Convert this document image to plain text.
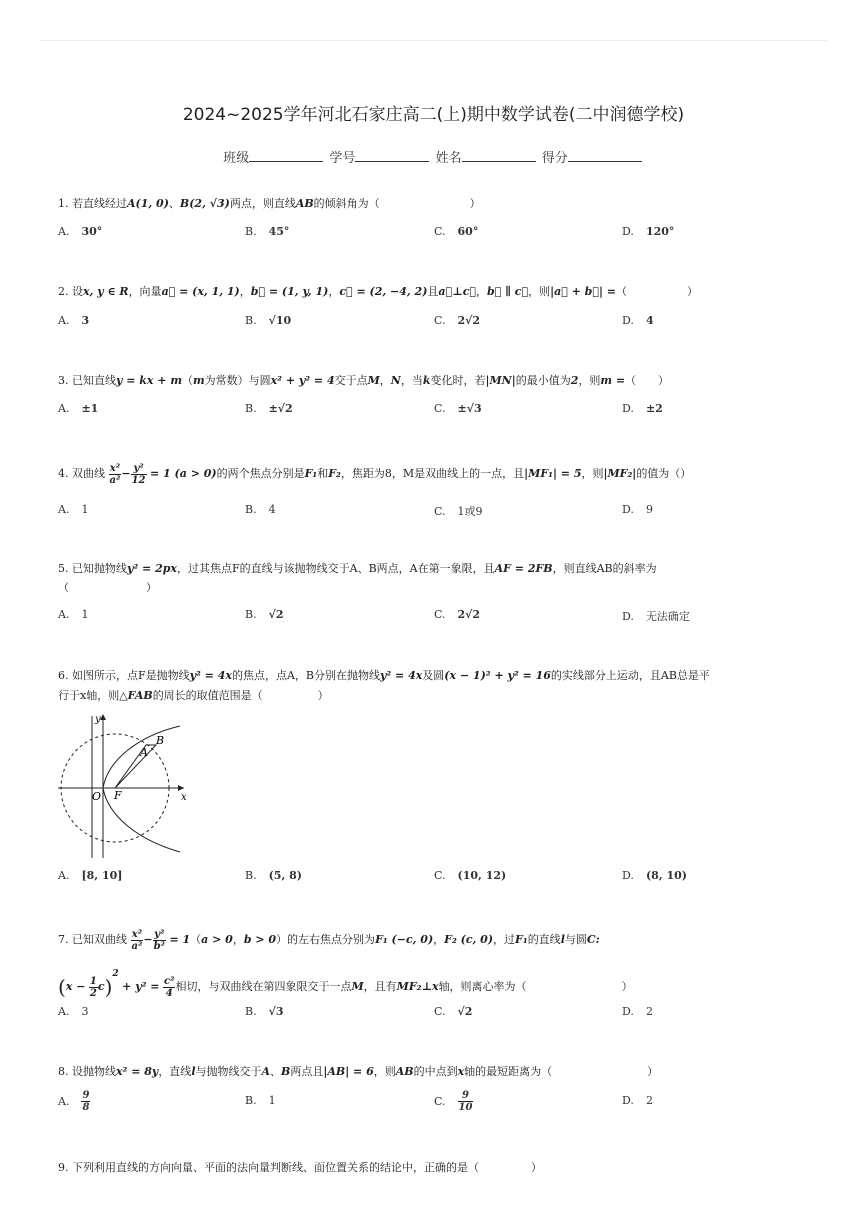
2024~2025学年河北石家庄高二(上)期中数学试卷(二中润德学校)
班级	学号	姓名	得分
1. 若直线经过A(1, 0)、B(2, √3)两点，则直线AB的倾斜角为（	）
A. 30°	B. 45°	C. 60°	D. 120°
2. 设x, y ∈ R，向量a⃗ = (x, 1, 1)，b⃗ = (1, y, 1)，c⃗ = (2, −4, 2)且a⃗⊥c⃗，b⃗ ∥ c⃗，则|a⃗ + b⃗| =（	）
A. 3	B. √10	C. 2√2	D. 4
3. 已知直线y = kx + m（m为常数）与圆x² + y² = 4交于点M，N，当k变化时，若|MN|的最小值为2，则m =（　　）
A. ±1	B. ±√2	C. ±√3	D. ±2
4. 双曲线 $\frac{\text{x²}}{\text{a²}} - \frac{\text{y²}}{12} = 1$ (a > 0)的两个焦点分别是F₁和F₂，焦距为8，M是双曲线上的一点，且|MF₁| = 5，则|MF₂|的值为（）
A. 1	B. 4	C. 1或9	D. 9
5. 已知抛物线y² = 2px，过其焦点F的直线与该抛物线交于A、B两点，A在第一象限，且AF = 2FB，则直线AB的斜率为
（　　　　　　　）
A. 1	B. √2	C. 2√2	D. 无法确定
6. 如图所示，点F是抛物线y² = 4x的焦点，点A，B分别在抛物线y² = 4x及圆(x − 1)² + y² = 16的实线部分上运动，且AB总是平
行于x轴，则△FAB的周长的取值范围是（　　　　　）
y
x
O F
A
B
A. [8, 10]	B. (5, 8)	C. (10, 12)	D. (8, 10)
7. 已知双曲线 $\frac{\text{x²}}{\text{a²}} - \frac{\text{y²}}{\text{b²}} = 1(a > 0$，b > 0）的左右焦点分别为F₁ (−c, 0)，F₂ (c, 0)，过F₁的直线l与圆C:
$(x - \frac{1}{2} c)^2 + y^2 = \frac{\text{c²}}{4}$ 相切，与双曲线在第四象限交于一点M，且有MF₂⊥x轴，则离心率为（	）
A. 3	B. √3	C. √2	D. 2
8. 设抛物线x² = 8y，直线l与抛物线交于A、B两点且|AB| = 6，则AB的中点到x轴的最短距离为（	）
A. $\frac{9}{8}$	B. 1	C. $\frac{9}{10}$	D. 2
9. 下列利用直线的方向向量、平面的法向量判断线、面位置关系的结论中，正确的是（	）
